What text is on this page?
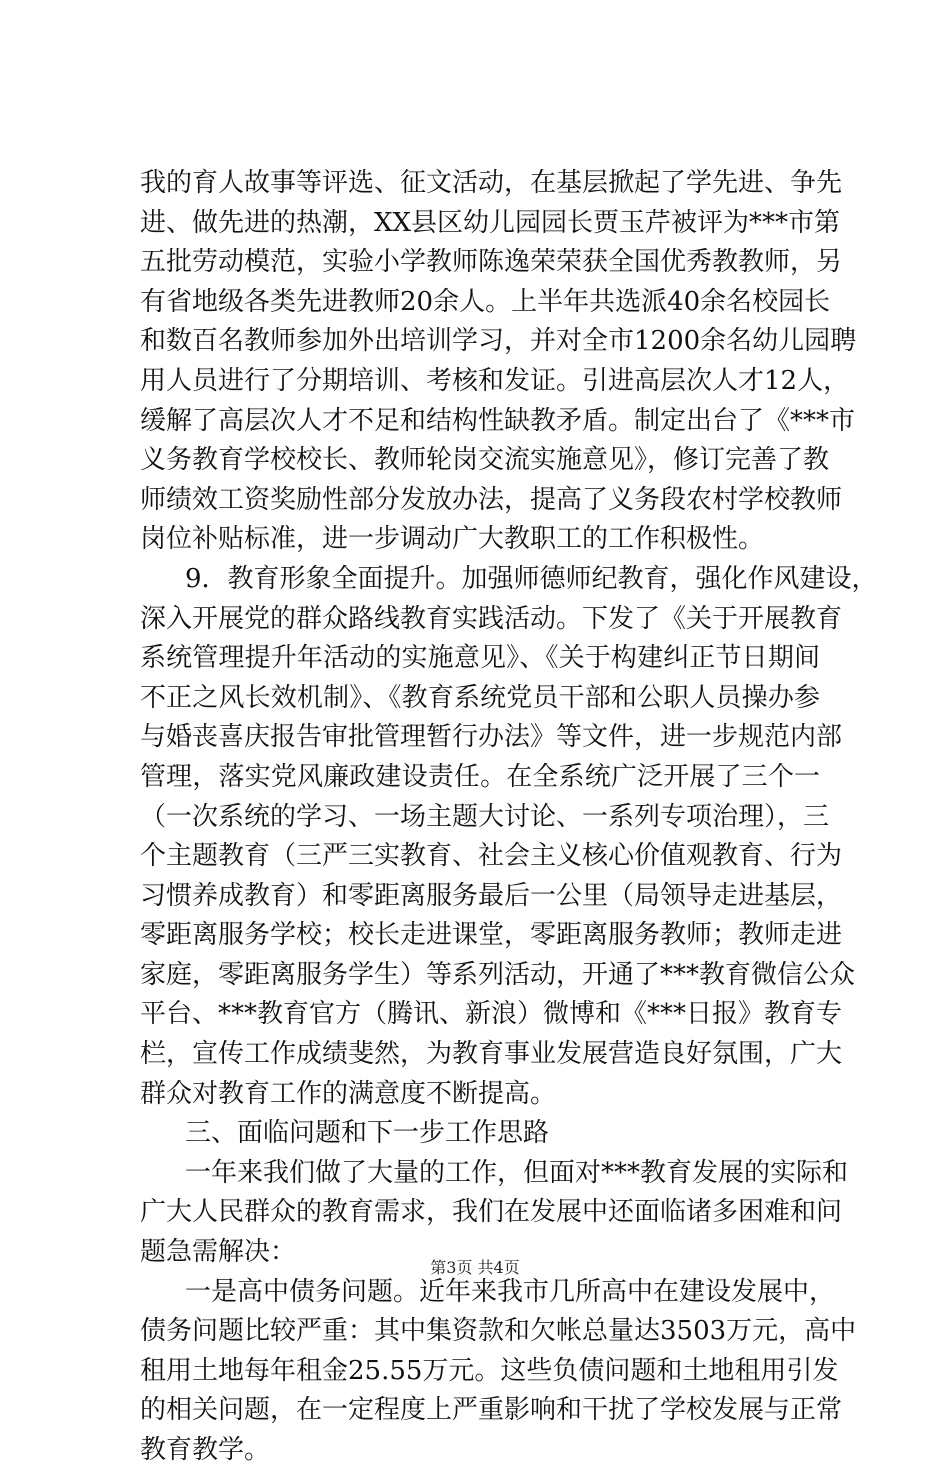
我的育人故事等评选、征文活动，在基层掀起了学先进、争先
进、做先进的热潮，XX县区幼儿园园长贾玉芹被评为***市第
五批劳动模范，实验小学教师陈逸荣荣获全国优秀教教师，另
有省地级各类先进教师20余人。上半年共选派40余名校园长
和数百名教师参加外出培训学习，并对全市1200余名幼儿园聘
用人员进行了分期培训、考核和发证。引进高层次人才12人，
缓解了高层次人才不足和结构性缺教矛盾。制定出台了《***市
义务教育学校校长、教师轮岗交流实施意见》，修订完善了教
师绩效工资奖励性部分发放办法，提高了义务段农村学校教师
岗位补贴标准，进一步调动广大教职工的工作积极性。
9．教育形象全面提升。加强师德师纪教育，强化作风建设，
深入开展党的群众路线教育实践活动。下发了《关于开展教育
系统管理提升年活动的实施意见》、《关于构建纠正节日期间
不正之风长效机制》、《教育系统党员干部和公职人员操办参
与婚丧喜庆报告审批管理暂行办法》等文件，进一步规范内部
管理，落实党风廉政建设责任。在全系统广泛开展了三个一
（一次系统的学习、一场主题大讨论、一系列专项治理），三
个主题教育（三严三实教育、社会主义核心价值观教育、行为
习惯养成教育）和零距离服务最后一公里（局领导走进基层，
零距离服务学校；校长走进课堂，零距离服务教师；教师走进
家庭，零距离服务学生）等系列活动，开通了***教育微信公众
平台、***教育官方（腾讯、新浪）微博和《***日报》教育专
栏，宣传工作成绩斐然，为教育事业发展营造良好氛围，广大
群众对教育工作的满意度不断提高。
三、面临问题和下一步工作思路
一年来我们做了大量的工作，但面对***教育发展的实际和
广大人民群众的教育需求，我们在发展中还面临诸多困难和问
题急需解决：
一是高中债务问题。近年来我市几所高中在建设发展中，
债务问题比较严重：其中集资款和欠帐总量达3503万元，高中
租用土地每年租金25.55万元。这些负债问题和土地租用引发
的相关问题，在一定程度上严重影响和干扰了学校发展与正常
教育教学。
第3页 共4页
